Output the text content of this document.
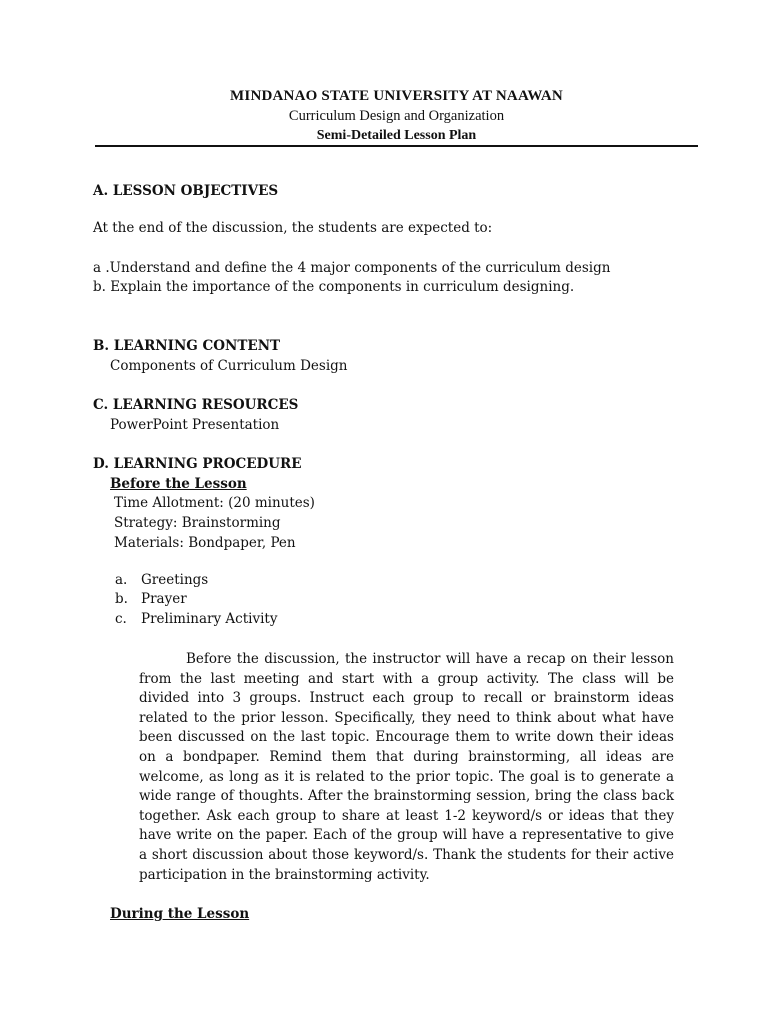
MINDANAO STATE UNIVERSITY AT NAAWAN
Curriculum Design and Organization
Semi-Detailed Lesson Plan
A. LESSON OBJECTIVES
At the end of the discussion, the students are expected to:
a .Understand and define the 4 major components of the curriculum design
b. Explain the importance of the components in curriculum designing.
B. LEARNING CONTENT
Components of Curriculum Design
C. LEARNING RESOURCES
PowerPoint Presentation
D. LEARNING PROCEDURE
Before the Lesson
Time Allotment: (20 minutes)
Strategy: Brainstorming
Materials: Bondpaper, Pen
a. Greetings
b. Prayer
c. Preliminary Activity
Before the discussion, the instructor will have a recap on their lesson from the last meeting and start with a group activity. The class will be divided into 3 groups. Instruct each group to recall or brainstorm ideas related to the prior lesson. Specifically, they need to think about what have been discussed on the last topic. Encourage them to write down their ideas on a bondpaper. Remind them that during brainstorming, all ideas are welcome, as long as it is related to the prior topic. The goal is to generate a wide range of thoughts. After the brainstorming session, bring the class back together. Ask each group to share at least 1-2 keyword/s or ideas that they have write on the paper. Each of the group will have a representative to give a short discussion about those keyword/s. Thank the students for their active participation in the brainstorming activity.
During the Lesson
